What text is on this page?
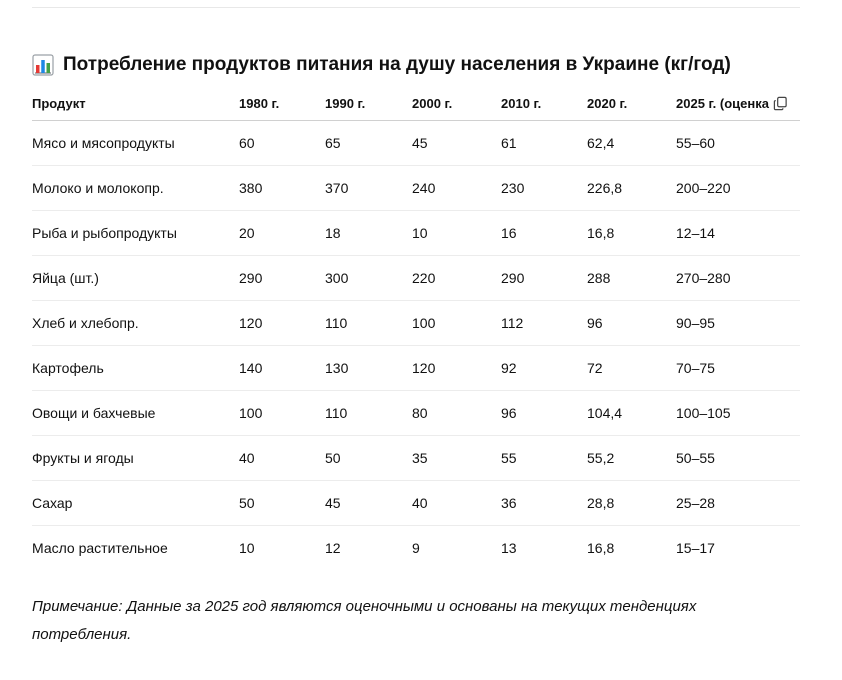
Потребление продуктов питания на душу населения в Украине (кг/год)
Продукт	1980 г.	1990 г.	2000 г.	2010 г.	2020 г.	2025 г. (оценка

Мясо и мясопродукты	60	65	45	61	62,4	55–60
Молоко и молокопр.	380	370	240	230	226,8	200–220
Рыба и рыбопродукты	20	18	10	16	16,8	12–14
Яйца (шт.)	290	300	220	290	288	270–280
Хлеб и хлебопр.	120	110	100	112	96	90–95
Картофель	140	130	120	92	72	70–75
Овощи и бахчевые	100	110	80	96	104,4	100–105
Фрукты и ягоды	40	50	35	55	55,2	50–55
Сахар	50	45	40	36	28,8	25–28
Масло растительное	10	12	9	13	16,8	15–17
Примечание: Данные за 2025 год являются оценочными и основаны на текущих тенденциях потребления.
